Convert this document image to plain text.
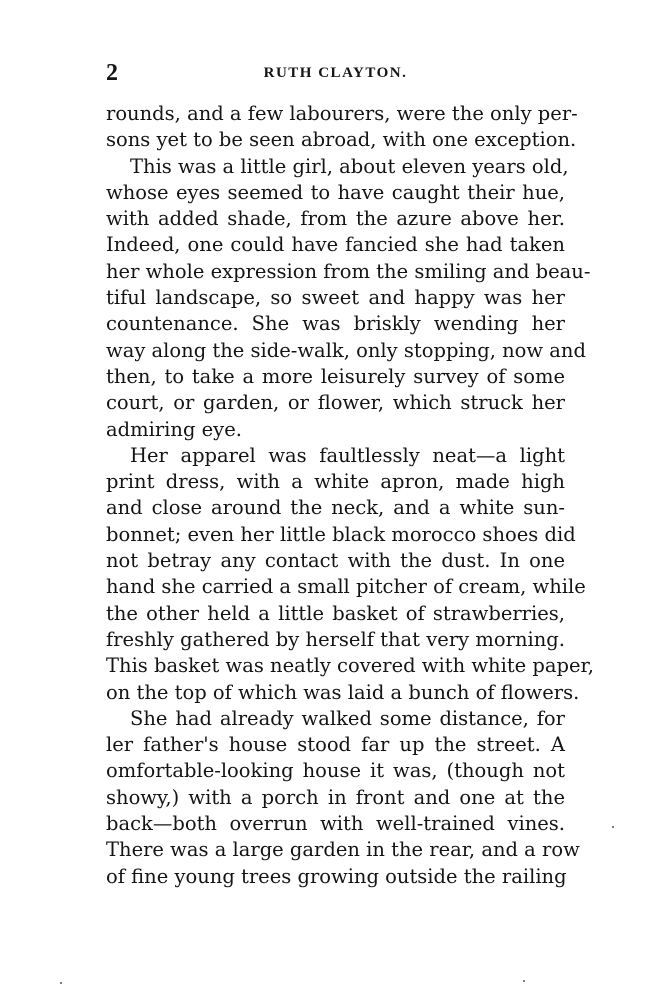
2	RUTH CLAYTON.
rounds, and a few labourers, were the only per-
sons yet to be seen abroad, with one exception.
This was a little girl, about eleven years old,
whose eyes seemed to have caught their hue,
with added shade, from the azure above her.
Indeed, one could have fancied she had taken
her whole expression from the smiling and beau-
tiful landscape, so sweet and happy was her
countenance. She was briskly wending her
way along the side-walk, only stopping, now and
then, to take a more leisurely survey of some
court, or garden, or flower, which struck her
admiring eye.
Her apparel was faultlessly neat—a light
print dress, with a white apron, made high
and close around the neck, and a white sun-
bonnet; even her little black morocco shoes did
not betray any contact with the dust. In one
hand she carried a small pitcher of cream, while
the other held a little basket of strawberries,
freshly gathered by herself that very morning.
This basket was neatly covered with white paper,
on the top of which was laid a bunch of flowers.
She had already walked some distance, for
ler father's house stood far up the street. A
omfortable-looking house it was, (though not
showy,) with a porch in front and one at the
back—both overrun with well-trained vines.
There was a large garden in the rear, and a row
of fine young trees growing outside the railing
